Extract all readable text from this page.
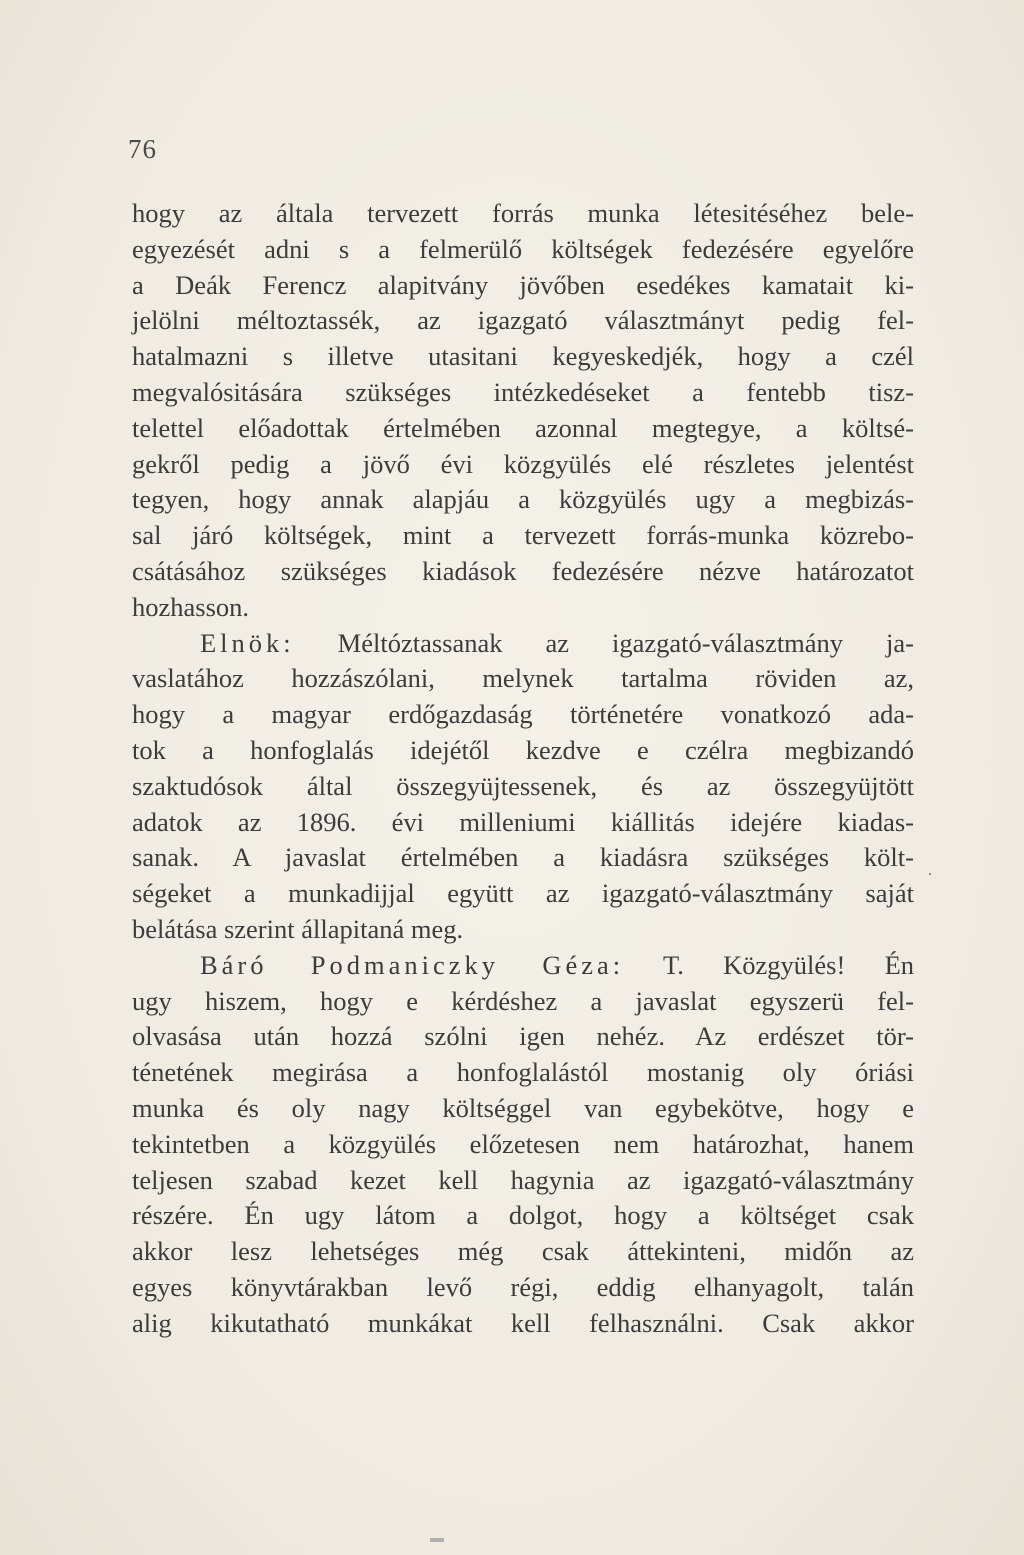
76
hogy az általa tervezett forrás munka létesitéséhez bele-
egyezését adni s a felmerülő költségek fedezésére egyelőre
a Deák Ferencz alapitvány jövőben esedékes kamatait ki-
jelölni méltoztassék, az igazgató választmányt pedig fel-
hatalmazni s illetve utasitani kegyeskedjék, hogy a czél
megvalósitására szükséges intézkedéseket a fentebb tisz-
telettel előadottak értelmében azonnal megtegye, a költsé-
gekről pedig a jövő évi közgyülés elé részletes jelentést
tegyen, hogy annak alapjáu a közgyülés ugy a megbizás-
sal járó költségek, mint a tervezett forrás-munka közrebo-
csátásához szükséges kiadások fedezésére nézve határozatot
hozhasson.
Elnök: Méltóztassanak az igazgató-választmány ja-
vaslatához hozzászólani, melynek tartalma röviden az,
hogy a magyar erdőgazdaság történetére vonatkozó ada-
tok a honfoglalás idejétől kezdve e czélra megbizandó
szaktudósok által összegyüjtessenek, és az összegyüjtött
adatok az 1896. évi milleniumi kiállitás idejére kiadas-
sanak. A javaslat értelmében a kiadásra szükséges költ-
ségeket a munkadijjal együtt az igazgató-választmány saját
belátása szerint állapitaná meg.
Báró Podmaniczky Géza: T. Közgyülés! Én
ugy hiszem, hogy e kérdéshez a javaslat egyszerü fel-
olvasása után hozzá szólni igen nehéz. Az erdészet tör-
ténetének megirása a honfoglalástól mostanig oly óriási
munka és oly nagy költséggel van egybekötve, hogy e
tekintetben a közgyülés előzetesen nem határozhat, hanem
teljesen szabad kezet kell hagynia az igazgató-választmány
részére. Én ugy látom a dolgot, hogy a költséget csak
akkor lesz lehetséges még csak áttekinteni, midőn az
egyes könyvtárakban levő régi, eddig elhanyagolt, talán
alig kikutatható munkákat kell felhasználni. Csak akkor
.
